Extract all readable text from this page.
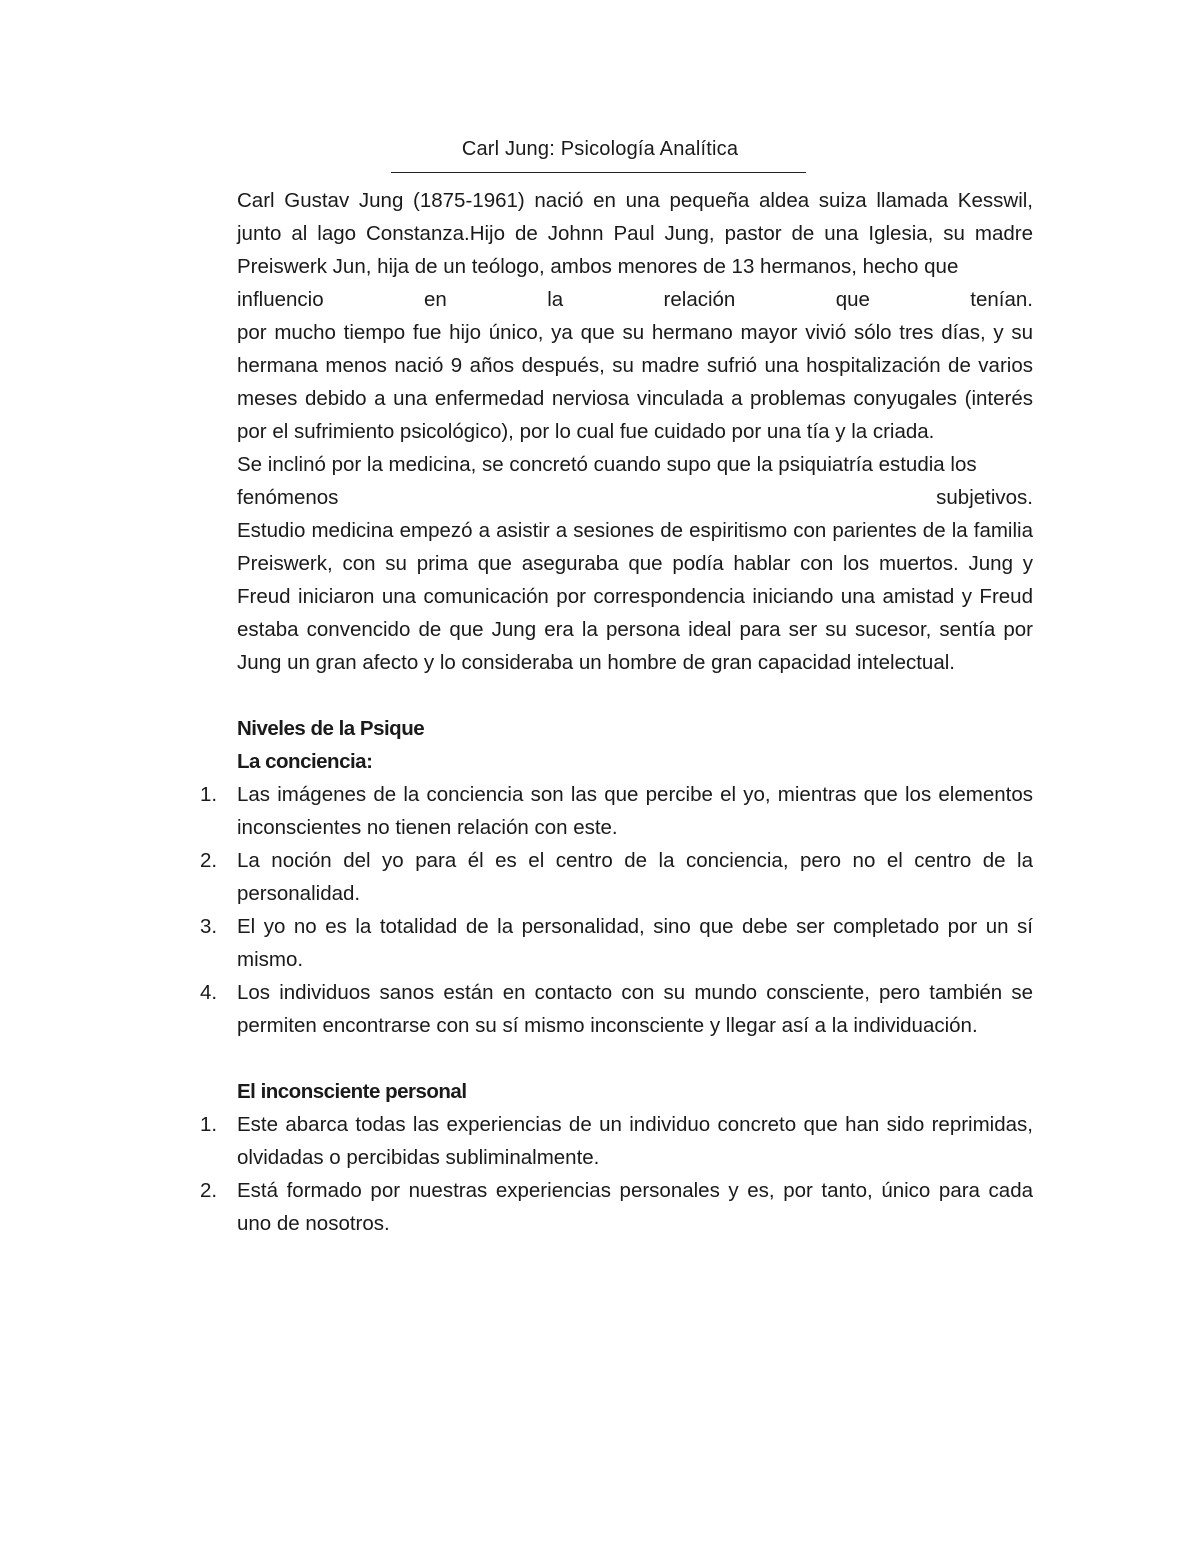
Carl Jung: Psicología Analítica

Carl Gustav Jung (1875-1961) nació en una pequeña aldea suiza llamada Kesswil, junto al lago Constanza.Hijo de Johnn Paul Jung, pastor de una Iglesia, su madre Preiswerk Jun, hija de un teólogo, ambos menores de 13 hermanos, hecho que

influencio en la relación que tenían.

por mucho tiempo fue hijo único, ya que su hermano mayor vivió sólo tres días, y su hermana menos nació 9 años después, su madre sufrió una hospitalización de varios meses debido a una enfermedad nerviosa vinculada a problemas conyugales (interés por el sufrimiento psicológico), por lo cual fue cuidado por una tía y la criada.

Se inclinó por la medicina, se concretó cuando supo que la psiquiatría estudia los

fenómenos subjetivos.

Estudio medicina empezó a asistir a sesiones de espiritismo con parientes de la familia Preiswerk, con su prima que aseguraba que podía hablar con los muertos. Jung y Freud iniciaron una comunicación por correspondencia iniciando una amistad y Freud estaba convencido de que Jung era la persona ideal para ser su sucesor, sentía por Jung un gran afecto y lo consideraba un hombre de gran capacidad intelectual.

Niveles de la Psique

La conciencia:

1. Las imágenes de la conciencia son las que percibe el yo, mientras que los elementos inconscientes no tienen relación con este.
2. La noción del yo para él es el centro de la conciencia, pero no el centro de la personalidad.
3. El yo no es la totalidad de la personalidad, sino que debe ser completado por un sí mismo.
4. Los individuos sanos están en contacto con su mundo consciente, pero también se permiten encontrarse con su sí mismo inconsciente y llegar así a la individuación.

El inconsciente personal

1. Este abarca todas las experiencias de un individuo concreto que han sido reprimidas, olvidadas o percibidas subliminalmente.
2. Está formado por nuestras experiencias personales y es, por tanto, único para cada uno de nosotros.
